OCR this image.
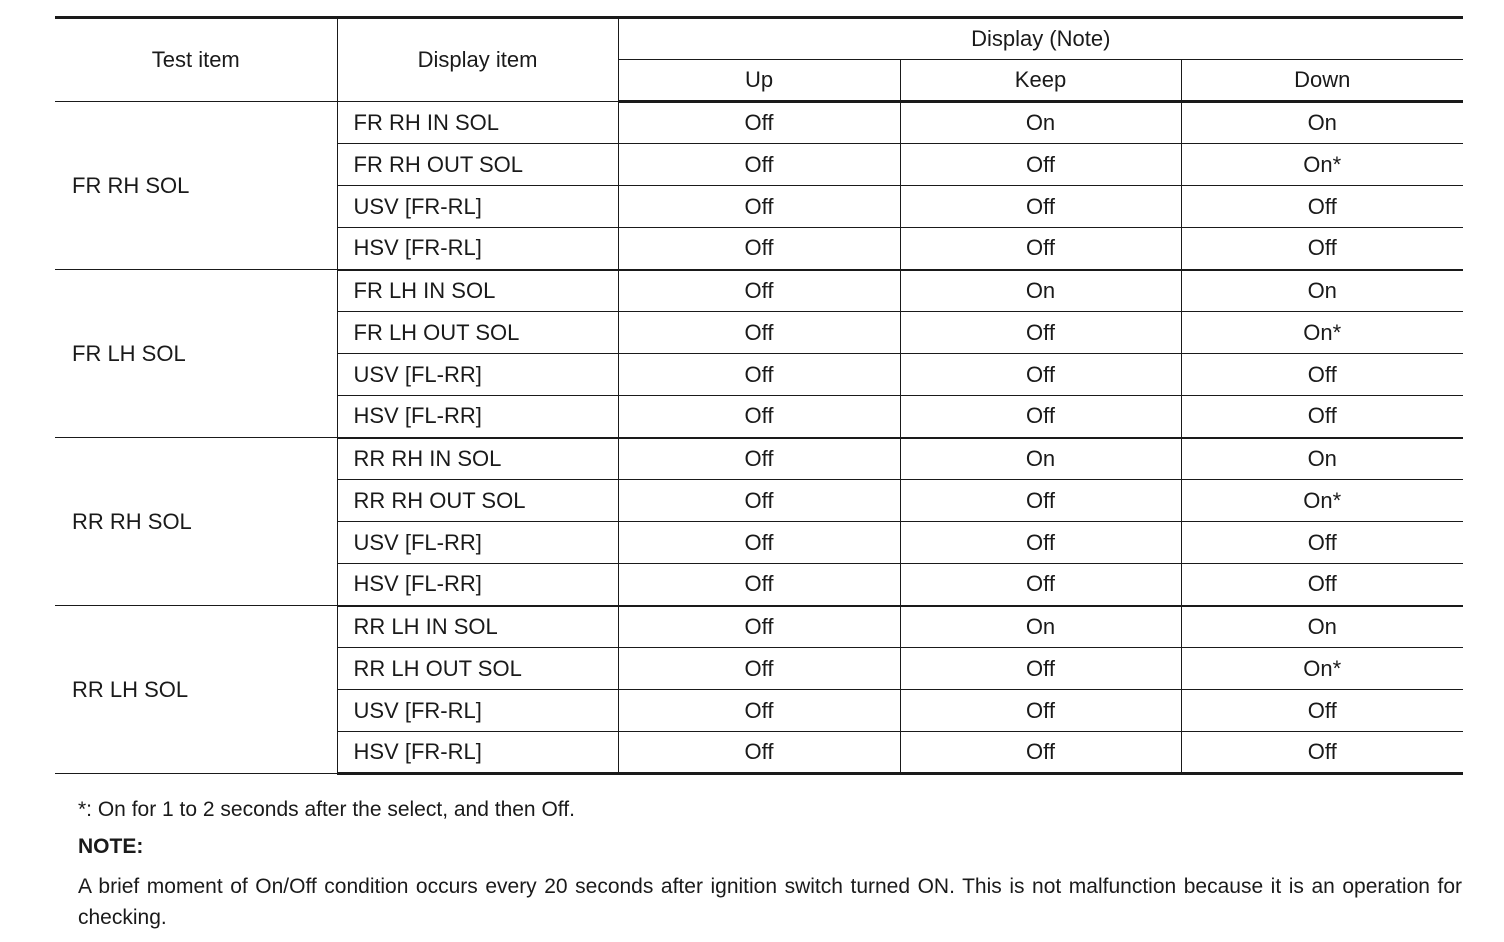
Test item	Display item	Display (Note)		
		Up	Keep	Down
FR RH SOL	FR RH IN SOL	Off	On	On
	FR RH OUT SOL	Off	Off	On*
	USV [FR-RL]	Off	Off	Off
	HSV [FR-RL]	Off	Off	Off
FR LH SOL	FR LH IN SOL	Off	On	On
	FR LH OUT SOL	Off	Off	On*
	USV [FL-RR]	Off	Off	Off
	HSV [FL-RR]	Off	Off	Off
RR RH SOL	RR RH IN SOL	Off	On	On
	RR RH OUT SOL	Off	Off	On*
	USV [FL-RR]	Off	Off	Off
	HSV [FL-RR]	Off	Off	Off
RR LH SOL	RR LH IN SOL	Off	On	On
	RR LH OUT SOL	Off	Off	On*
	USV [FR-RL]	Off	Off	Off
	HSV [FR-RL]	Off	Off	Off
*: On for 1 to 2 seconds after the select, and then Off.
NOTE:
A brief moment of On/Off condition occurs every 20 seconds after ignition switch turned ON. This is not malfunction because it is an operation for checking.
